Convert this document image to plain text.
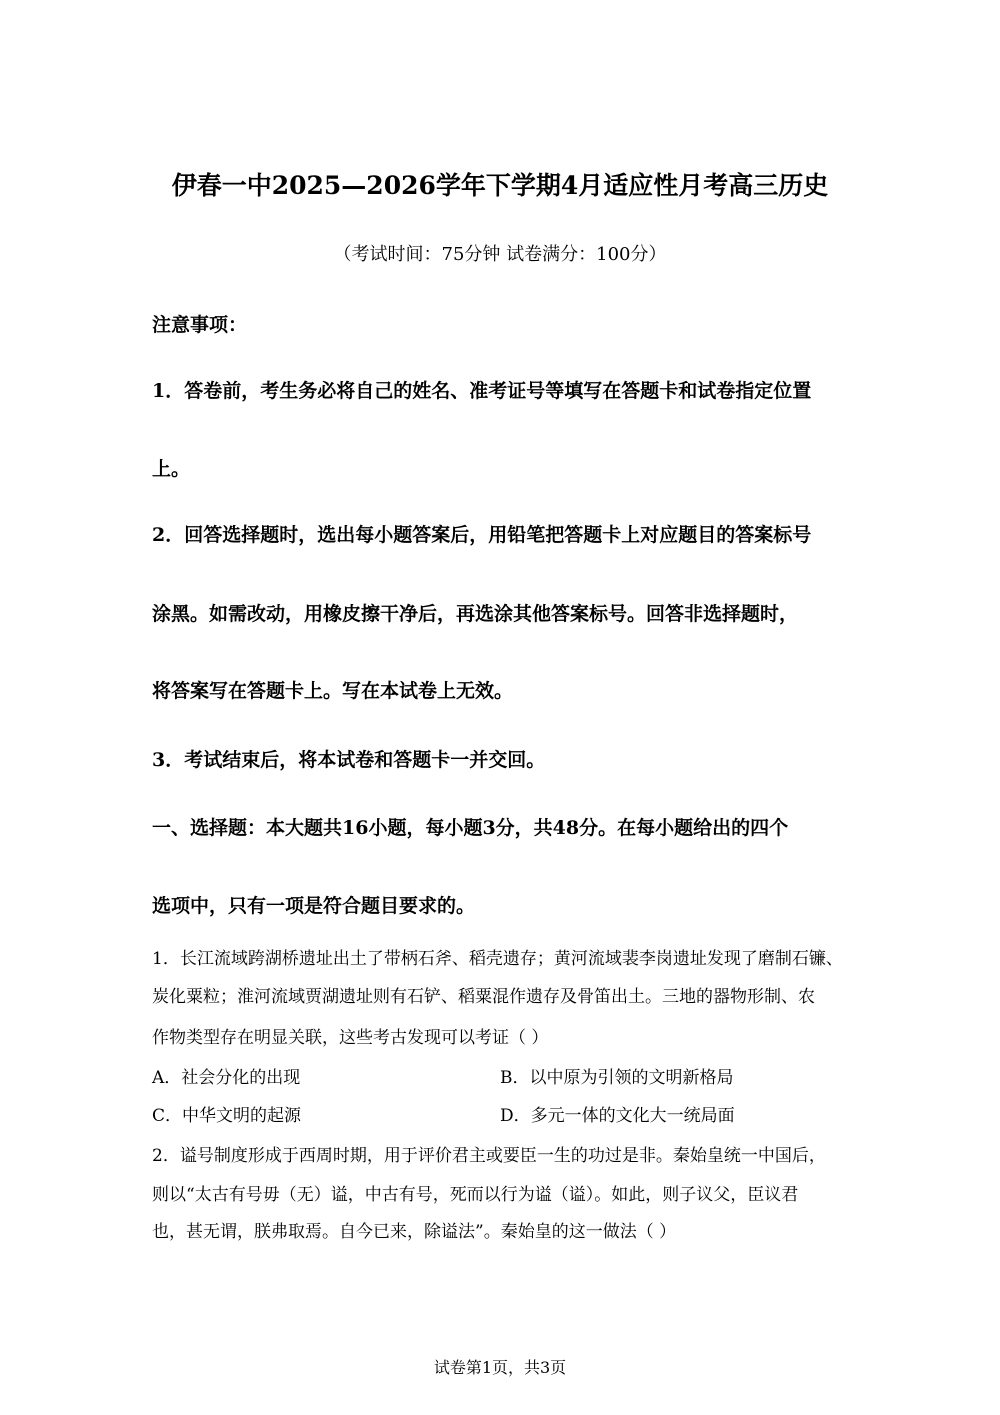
伊春一中2025—2026学年下学期4月适应性月考高三历史
（考试时间：75分钟 试卷满分：100分）
注意事项：
1．答卷前，考生务必将自己的姓名、准考证号等填写在答题卡和试卷指定位置
上。
2．回答选择题时，选出每小题答案后，用铅笔把答题卡上对应题目的答案标号
涂黑。如需改动，用橡皮擦干净后，再选涂其他答案标号。回答非选择题时，
将答案写在答题卡上。写在本试卷上无效。
3．考试结束后，将本试卷和答题卡一并交回。
一、选择题：本大题共16小题，每小题3分，共48分。在每小题给出的四个
选项中，只有一项是符合题目要求的。
1．长江流域跨湖桥遗址出土了带柄石斧、稻壳遗存；黄河流域裴李岗遗址发现了磨制石镰、
炭化粟粒；淮河流域贾湖遗址则有石铲、稻粟混作遗存及骨笛出土。三地的器物形制、农
作物类型存在明显关联，这些考古发现可以考证（ ）
A．社会分化的出现	B．以中原为引领的文明新格局
C．中华文明的起源	D．多元一体的文化大一统局面
2．谥号制度形成于西周时期，用于评价君主或要臣一生的功过是非。秦始皇统一中国后，
则以“太古有号毋（无）谥，中古有号，死而以行为谥（谥）。如此，则子议父，臣议君
也，甚无谓，朕弗取焉。自今已来，除谥法”。秦始皇的这一做法（ ）
试卷第1页，共3页
